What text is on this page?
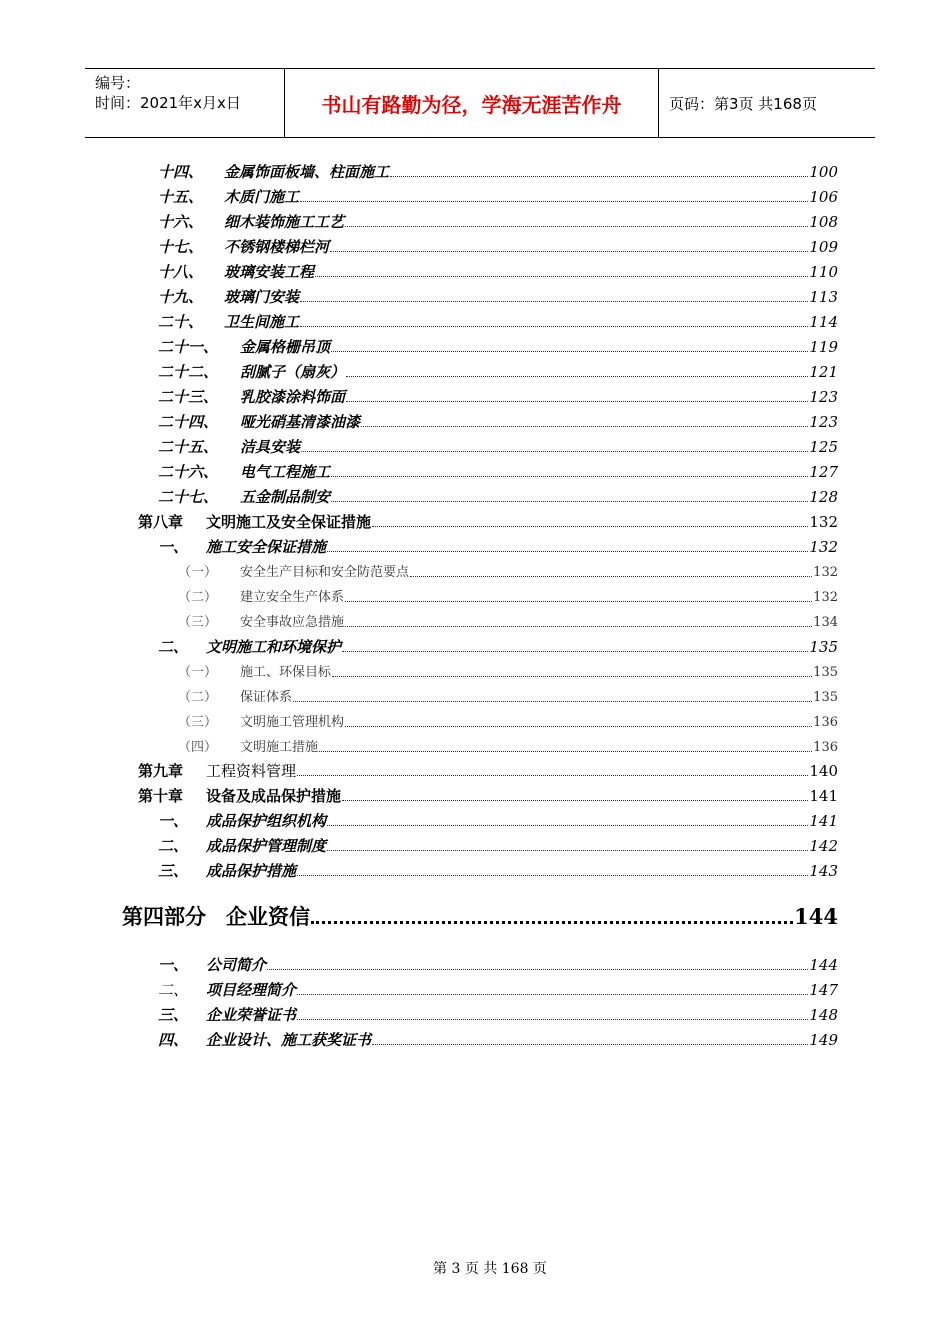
编号：
时间：2021年x月x日	书山有路勤为径，学海无涯苦作舟	页码：第3页 共168页
十四、	金属饰面板墙、柱面施工	100
十五、	木质门施工	106
十六、	细木装饰施工工艺	108
十七、	不锈钢楼梯栏河	109
十八、	玻璃安装工程	110
十九、	玻璃门安装	113
二十、	卫生间施工	114
二十一、	金属格栅吊顶	119
二十二、	刮腻子（扇灰）	121
二十三、	乳胶漆涂料饰面	123
二十四、	哑光硝基清漆油漆	123
二十五、	洁具安装	125
二十六、	电气工程施工	127
二十七、	五金制品制安	128
第八章	文明施工及安全保证措施	132
一、	施工安全保证措施	132
（一）	安全生产目标和安全防范要点	132
（二）	建立安全生产体系	132
（三）	安全事故应急措施	134
二、	文明施工和环境保护	135
（一）	施工、环保目标	135
（二）	保证体系	135
（三）	文明施工管理机构	136
（四）	文明施工措施	136
第九章	工程资料管理	140
第十章	设备及成品保护措施	141
一、	成品保护组织机构	141
二、	成品保护管理制度	142
三、	成品保护措施	143
第四部分 企业资信	144
一、	公司简介	144
二、	项目经理简介	147
三、	企业荣誉证书	148
四、	企业设计、施工获奖证书	149
第 3 页 共 168 页
